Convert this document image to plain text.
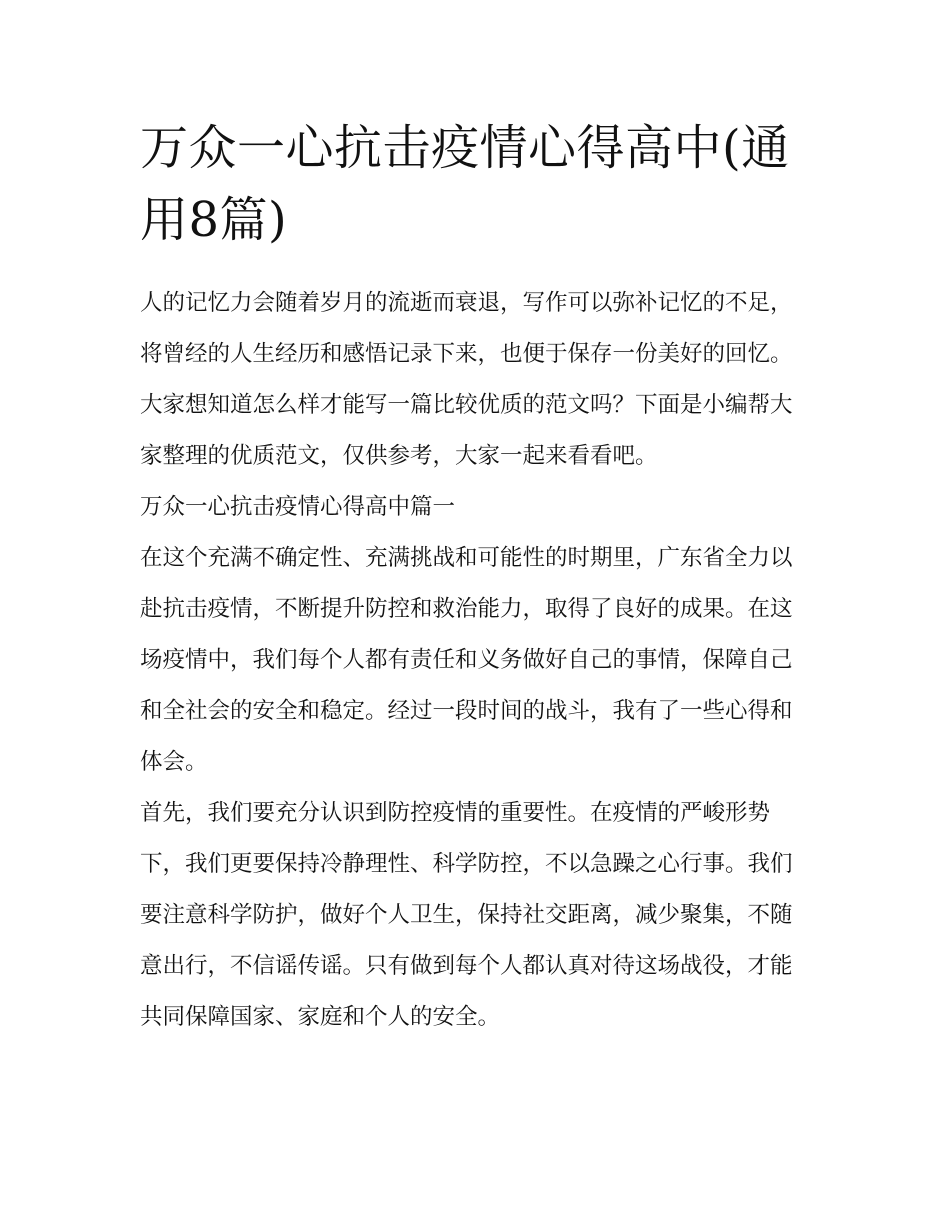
万众一心抗击疫情心得高中(通用8篇)

人的记忆力会随着岁月的流逝而衰退，写作可以弥补记忆的不足，将曾经的人生经历和感悟记录下来，也便于保存一份美好的回忆。大家想知道怎么样才能写一篇比较优质的范文吗？下面是小编帮大家整理的优质范文，仅供参考，大家一起来看看吧。

万众一心抗击疫情心得高中篇一

在这个充满不确定性、充满挑战和可能性的时期里，广东省全力以赴抗击疫情，不断提升防控和救治能力，取得了良好的成果。在这场疫情中，我们每个人都有责任和义务做好自己的事情，保障自己和全社会的安全和稳定。经过一段时间的战斗，我有了一些心得和体会。

首先，我们要充分认识到防控疫情的重要性。在疫情的严峻形势下，我们更要保持冷静理性、科学防控，不以急躁之心行事。我们要注意科学防护，做好个人卫生，保持社交距离，减少聚集，不随意出行，不信谣传谣。只有做到每个人都认真对待这场战役，才能共同保障国家、家庭和个人的安全。
